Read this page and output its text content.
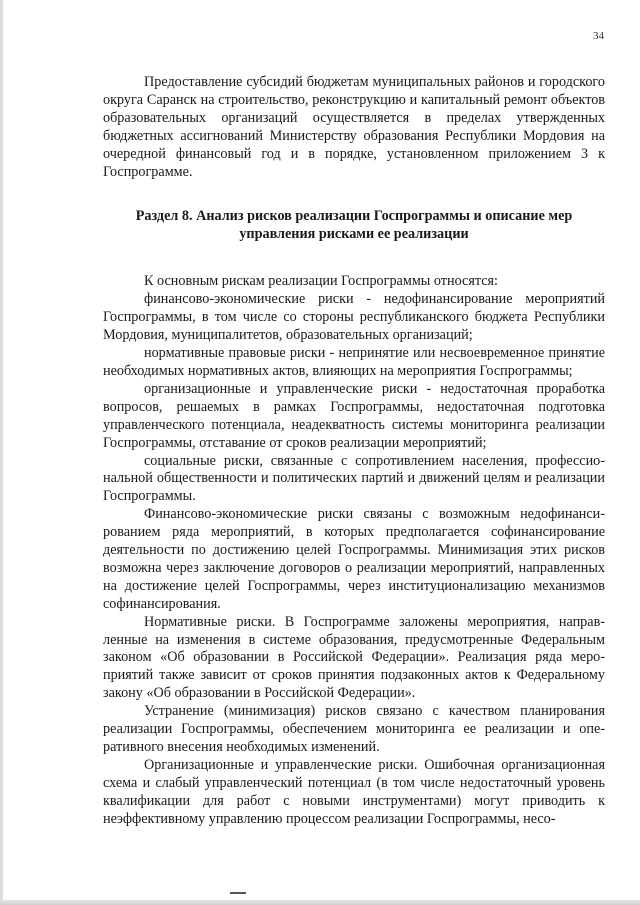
34

Предоставление субсидий бюджетам муниципальных районов и городского округа Саранск на строительство, реконструкцию и капитальный ремонт объектов образовательных организаций осуществляется в пределах утвержденных бюджетных ассигнований Министерству образования Республики Мордовия на очередной финансовый год и в порядке, установленном приложением 3 к Госпрограмме.

Раздел 8. Анализ рисков реализации Госпрограммы и описание мер управления рисками ее реализации

К основным рискам реализации Госпрограммы относятся:

финансово-экономические риски - недофинансирование мероприятий Госпрограммы, в том числе со стороны республиканского бюджета Республики Мордовия, муниципалитетов, образовательных организаций;

нормативные правовые риски - непринятие или несвоевременное принятие необходимых нормативных актов, влияющих на мероприятия Госпрограммы;

организационные и управленческие риски - недостаточная проработка вопросов, решаемых в рамках Госпрограммы, недостаточная подготовка управленческого потенциала, неадекватность системы мониторинга реализации Госпрограммы, отставание от сроков реализации мероприятий;

социальные риски, связанные с сопротивлением населения, профессиональной общественности и политических партий и движений целям и реализации Госпрограммы.

Финансово-экономические риски связаны с возможным недофинансированием ряда мероприятий, в которых предполагается софинансирование деятельности по достижению целей Госпрограммы. Минимизация этих рисков возможна через заключение договоров о реализации мероприятий, направленных на достижение целей Госпрограммы, через институционализацию механизмов софинансирования.

Нормативные риски. В Госпрограмме заложены мероприятия, направленные на изменения в системе образования, предусмотренные Федеральным законом «Об образовании в Российской Федерации». Реализация ряда мероприятий также зависит от сроков принятия подзаконных актов к Федеральному закону «Об образовании в Российской Федерации».

Устранение (минимизация) рисков связано с качеством планирования реализации Госпрограммы, обеспечением мониторинга ее реализации и оперативного внесения необходимых изменений.

Организационные и управленческие риски. Ошибочная организационная схема и слабый управленческий потенциал (в том числе недостаточный уровень квалификации для работ с новыми инструментами) могут приводить к неэффективному управлению процессом реализации Госпрограммы, несо-
